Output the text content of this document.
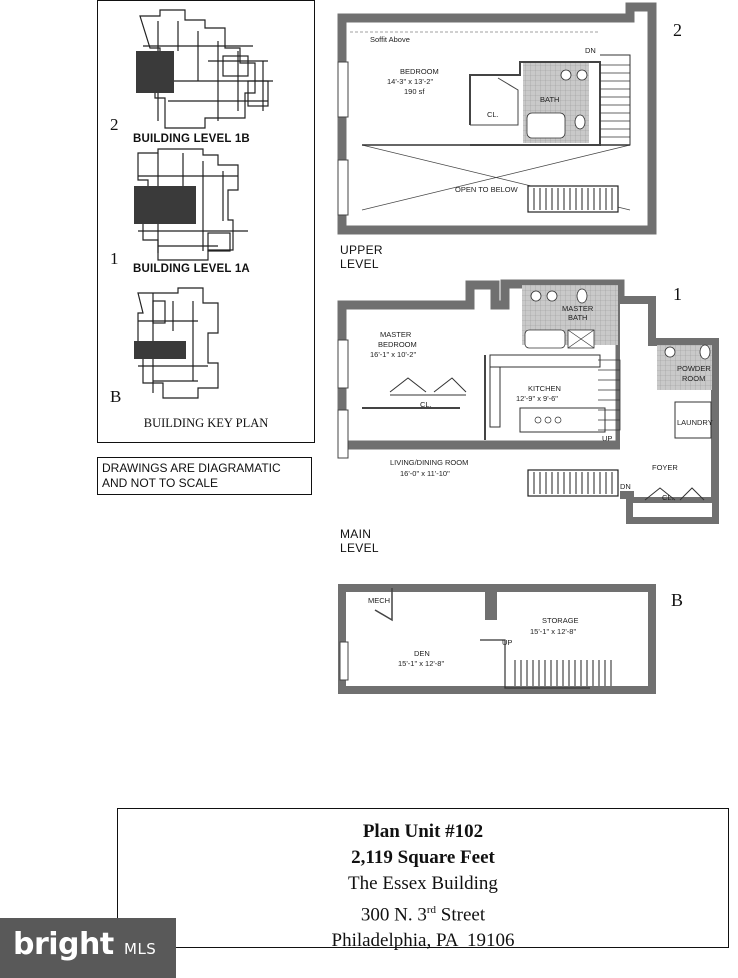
2
BUILDING LEVEL 1B
1
BUILDING LEVEL 1A
B
BUILDING KEY PLAN
DRAWINGS ARE DIAGRAMATIC
AND NOT TO SCALE
Soffit Above
BEDROOM
14'-3" x 13'-2"
190 sf
CL.
BATH
DN
OPEN TO BELOW
MASTER
BEDROOM
16'-1" x 10'-2"
MASTER
BATH
CL.
KITCHEN
12'-9" x 9'-6"
POWDER
ROOM
LAUNDRY
LIVING/DINING ROOM
16'-0" x 11'-10"
UP
DN
FOYER
CL.
MECH
STORAGE
15'-1" x 12'-8"
DEN
15'-1" x 12'-8"
UP
2
UPPER LEVEL
1
MAIN LEVEL
B
Plan Unit #102
2,119 Square Feet
The Essex Building
300 N. 3rd Street
Philadelphia, PA  19106
bright MLS
